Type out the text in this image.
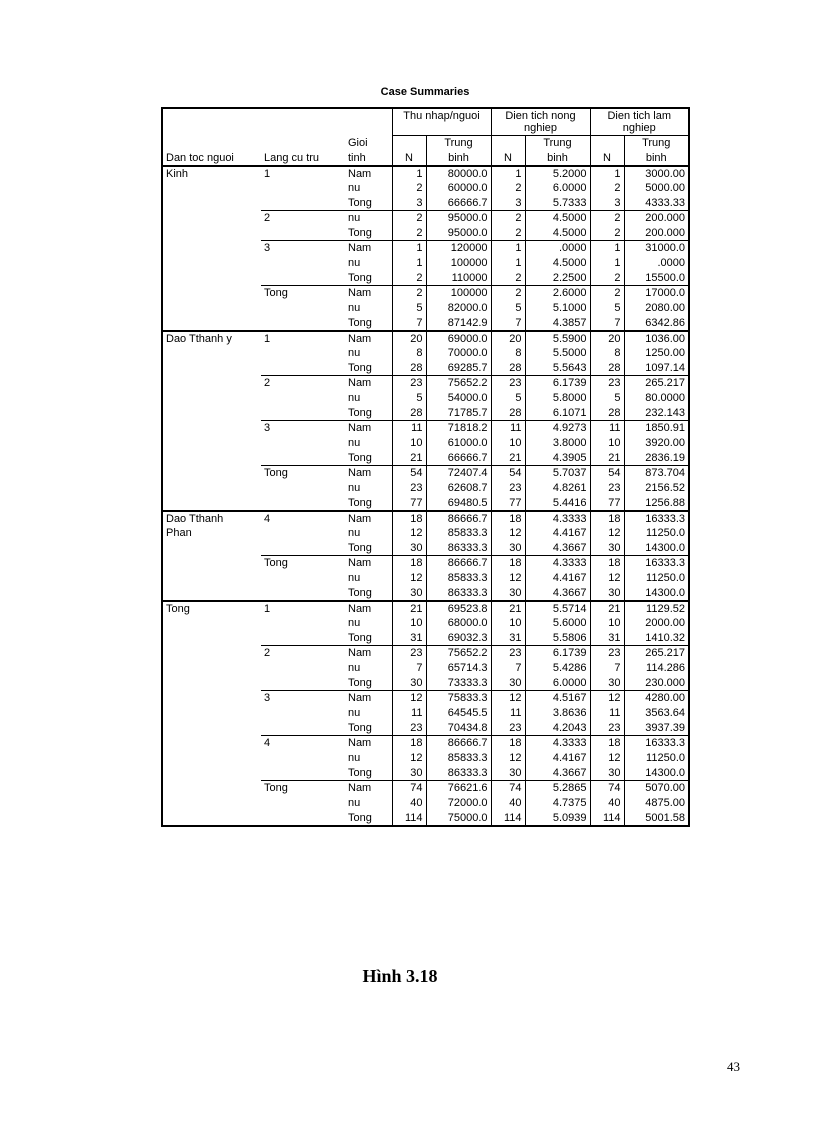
Case Summaries
			Thu nhap/nguoi		Dien tich nong nghiep		Dien tich lam nghiep	
		Gioi		Trung		Trung		Trung
Dan toc nguoi	Lang cu tru	tinh	N	binh	N	binh	N	binh
Kinh	1	Nam	1	80000.0	1	5.2000	1	3000.00
		nu	2	60000.0	2	6.0000	2	5000.00
		Tong	3	66666.7	3	5.7333	3	4333.33
	2	nu	2	95000.0	2	4.5000	2	200.000
		Tong	2	95000.0	2	4.5000	2	200.000
	3	Nam	1	120000	1	.0000	1	31000.0
		nu	1	100000	1	4.5000	1	.0000
		Tong	2	110000	2	2.2500	2	15500.0
	Tong	Nam	2	100000	2	2.6000	2	17000.0
		nu	5	82000.0	5	5.1000	5	2080.00
		Tong	7	87142.9	7	4.3857	7	6342.86
Dao Tthanh y	1	Nam	20	69000.0	20	5.5900	20	1036.00
		nu	8	70000.0	8	5.5000	8	1250.00
		Tong	28	69285.7	28	5.5643	28	1097.14
	2	Nam	23	75652.2	23	6.1739	23	265.217
		nu	5	54000.0	5	5.8000	5	80.0000
		Tong	28	71785.7	28	6.1071	28	232.143
	3	Nam	11	71818.2	11	4.9273	11	1850.91
		nu	10	61000.0	10	3.8000	10	3920.00
		Tong	21	66666.7	21	4.3905	21	2836.19
	Tong	Nam	54	72407.4	54	5.7037	54	873.704
		nu	23	62608.7	23	4.8261	23	2156.52
		Tong	77	69480.5	77	5.4416	77	1256.88
Dao Tthanh	4	Nam	18	86666.7	18	4.3333	18	16333.3
Phan		nu	12	85833.3	12	4.4167	12	11250.0
		Tong	30	86333.3	30	4.3667	30	14300.0
	Tong	Nam	18	86666.7	18	4.3333	18	16333.3
		nu	12	85833.3	12	4.4167	12	11250.0
		Tong	30	86333.3	30	4.3667	30	14300.0
Tong	1	Nam	21	69523.8	21	5.5714	21	1129.52
		nu	10	68000.0	10	5.6000	10	2000.00
		Tong	31	69032.3	31	5.5806	31	1410.32
	2	Nam	23	75652.2	23	6.1739	23	265.217
		nu	7	65714.3	7	5.4286	7	114.286
		Tong	30	73333.3	30	6.0000	30	230.000
	3	Nam	12	75833.3	12	4.5167	12	4280.00
		nu	11	64545.5	11	3.8636	11	3563.64
		Tong	23	70434.8	23	4.2043	23	3937.39
	4	Nam	18	86666.7	18	4.3333	18	16333.3
		nu	12	85833.3	12	4.4167	12	11250.0
		Tong	30	86333.3	30	4.3667	30	14300.0
	Tong	Nam	74	76621.6	74	5.2865	74	5070.00
		nu	40	72000.0	40	4.7375	40	4875.00
		Tong	114	75000.0	114	5.0939	114	5001.58
Hình 3.18
43
